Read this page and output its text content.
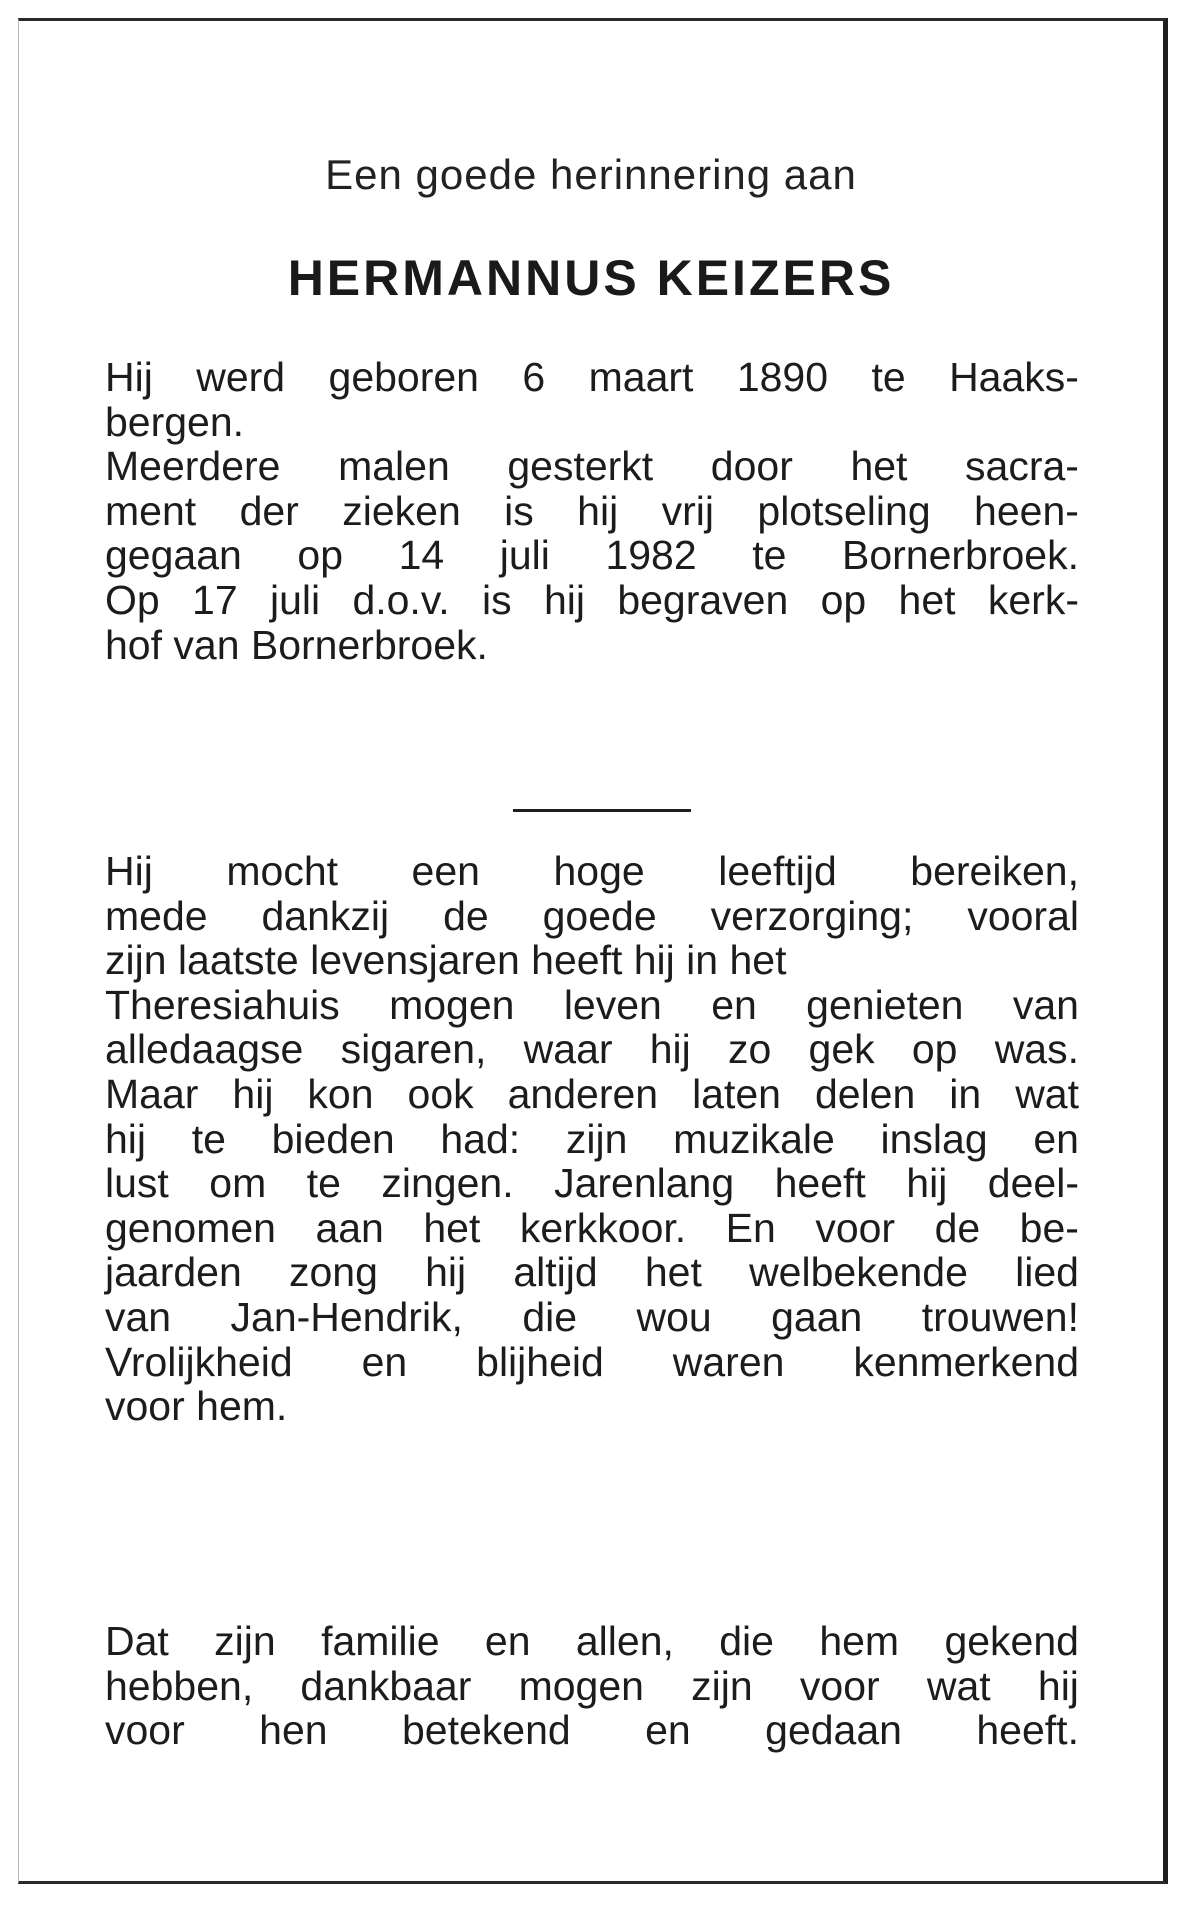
Een goede herinnering aan
HERMANNUS KEIZERS
Hij werd geboren 6 maart 1890 te Haaks-
bergen.
Meerdere malen gesterkt door het sacra-
ment der zieken is hij vrij plotseling heen-
gegaan op 14 juli 1982 te Bornerbroek.
Op 17 juli d.o.v. is hij begraven op het kerk-
hof van Bornerbroek.
Hij mocht een hoge leeftijd bereiken,
mede dankzij de goede verzorging; vooral
zijn laatste levensjaren heeft hij in het
Theresiahuis mogen leven en genieten van
alledaagse sigaren, waar hij zo gek op was.
Maar hij kon ook anderen laten delen in wat
hij te bieden had: zijn muzikale inslag en
lust om te zingen. Jarenlang heeft hij deel-
genomen aan het kerkkoor. En voor de be-
jaarden zong hij altijd het welbekende lied
van Jan-Hendrik, die wou gaan trouwen!
Vrolijkheid en blijheid waren kenmerkend
voor hem.
Dat zijn familie en allen, die hem gekend
hebben, dankbaar mogen zijn voor wat hij
voor hen betekend en gedaan heeft.
